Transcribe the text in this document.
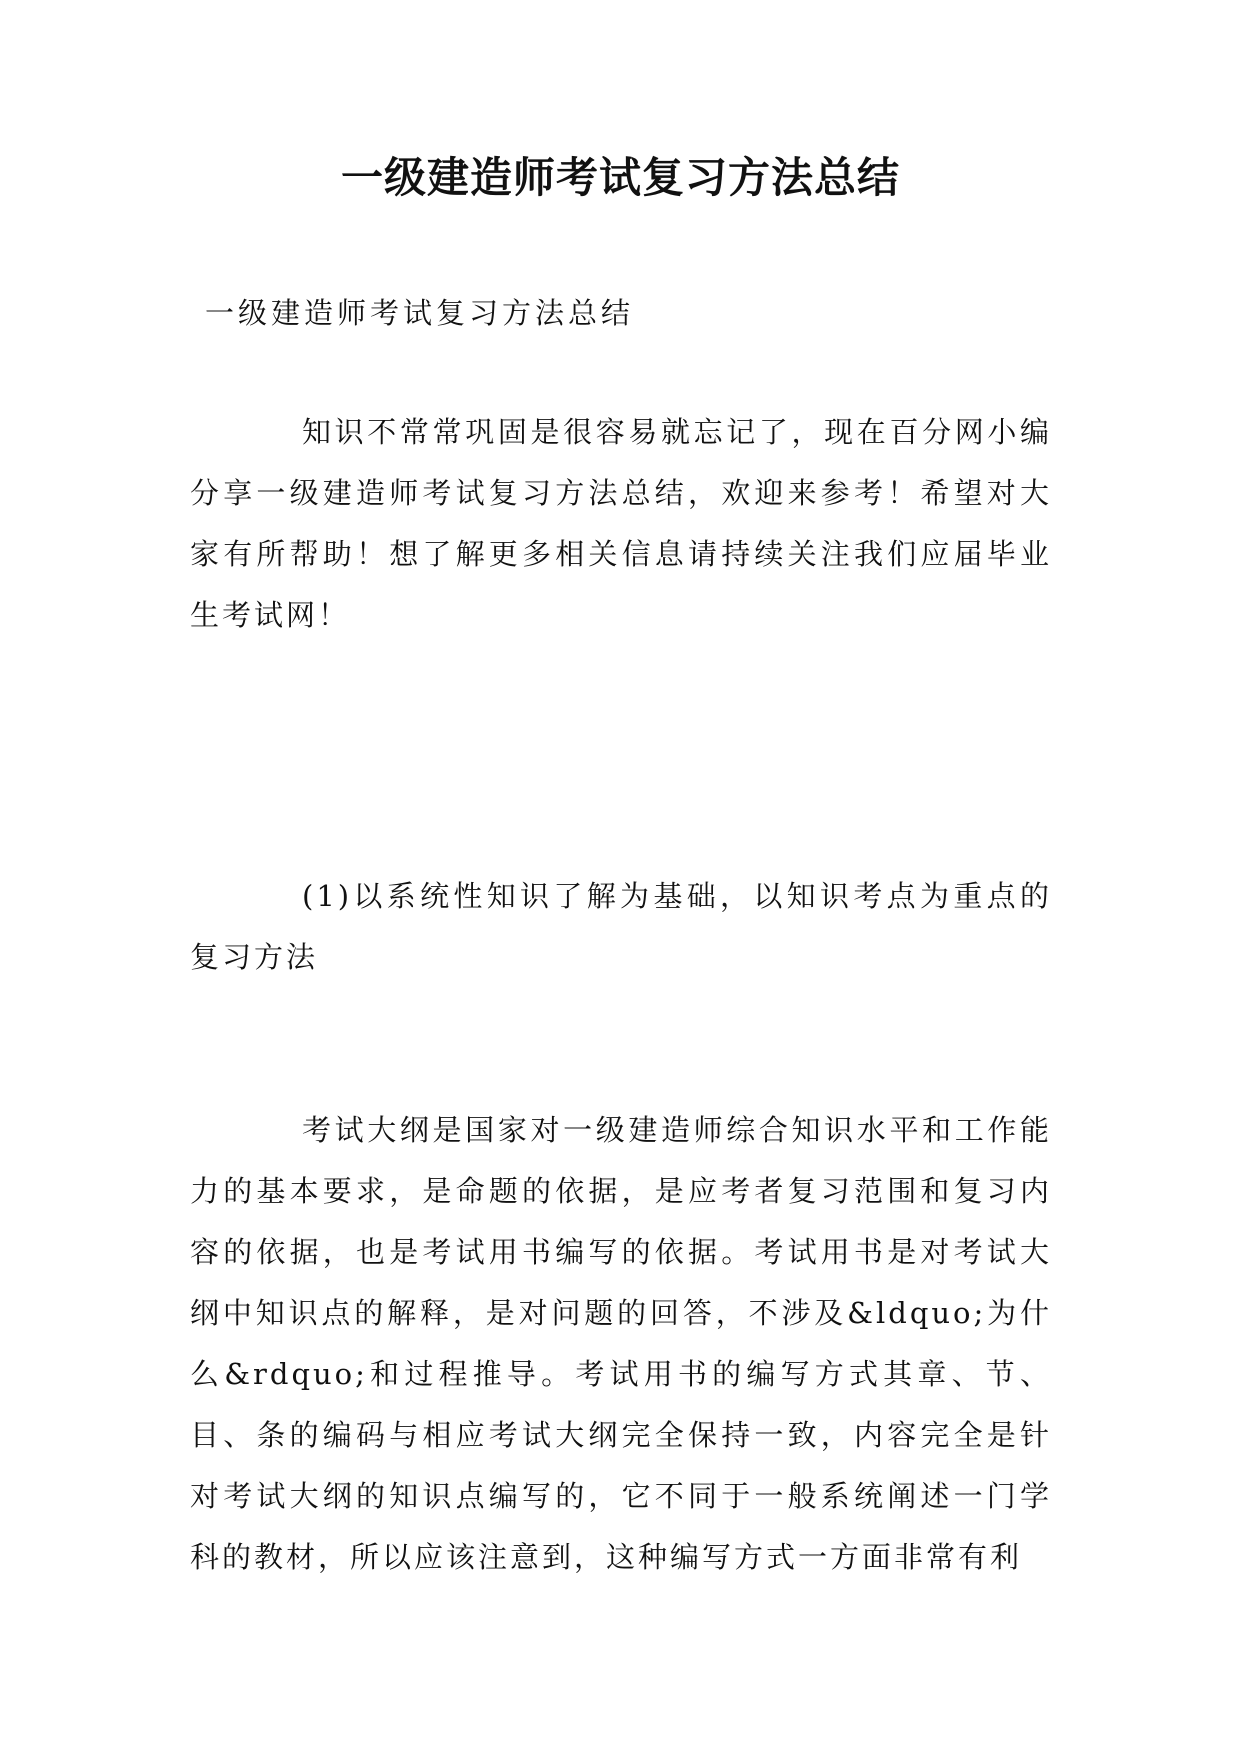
一级建造师考试复习方法总结

一级建造师考试复习方法总结

知识不常常巩固是很容易就忘记了，现在百分网小编分享一级建造师考试复习方法总结，欢迎来参考！希望对大家有所帮助！想了解更多相关信息请持续关注我们应届毕业生考试网！

(1)以系统性知识了解为基础，以知识考点为重点的复习方法

考试大纲是国家对一级建造师综合知识水平和工作能力的基本要求，是命题的依据，是应考者复习范围和复习内容的依据，也是考试用书编写的依据。考试用书是对考试大纲中知识点的解释，是对问题的回答，不涉及&ldquo;为什么&rdquo;和过程推导。考试用书的编写方式其章、节、目、条的编码与相应考试大纲完全保持一致，内容完全是针对考试大纲的知识点编写的，它不同于一般系统阐述一门学科的教材，所以应该注意到，这种编写方式一方面非常有利
